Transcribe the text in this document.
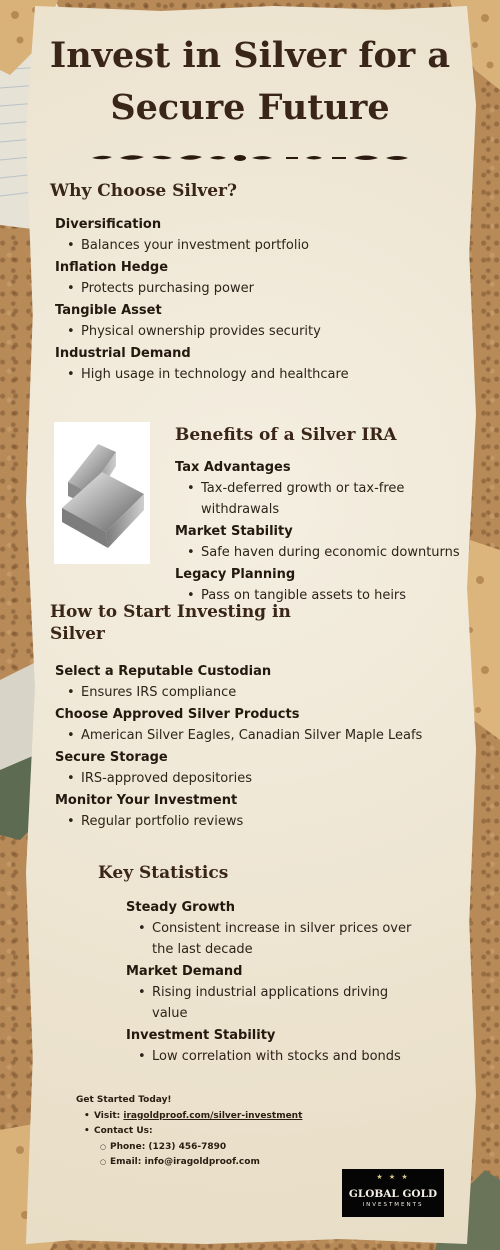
Invest in Silver for a
Secure Future
Why Choose Silver?
Diversification
• Balances your investment portfolio
Inflation Hedge
• Protects purchasing power
Tangible Asset
• Physical ownership provides security
Industrial Demand
• High usage in technology and healthcare
Benefits of a Silver IRA
Tax Advantages
• Tax-deferred growth or tax-free withdrawals
Market Stability
• Safe haven during economic downturns
Legacy Planning
• Pass on tangible assets to heirs
How to Start Investing in
Silver
Select a Reputable Custodian
• Ensures IRS compliance
Choose Approved Silver Products
• American Silver Eagles, Canadian Silver Maple Leafs
Secure Storage
• IRS-approved depositories
Monitor Your Investment
• Regular portfolio reviews
Key Statistics
Steady Growth
• Consistent increase in silver prices over the last decade
Market Demand
• Rising industrial applications driving value
Investment Stability
• Low correlation with stocks and bonds
Get Started Today!
• Visit: iragoldproof.com/silver-investment
• Contact Us:
○ Phone: (123) 456-7890
○ Email: info@iragoldproof.com
★ ★ ★
GLOBAL GOLD
INVESTMENTS
